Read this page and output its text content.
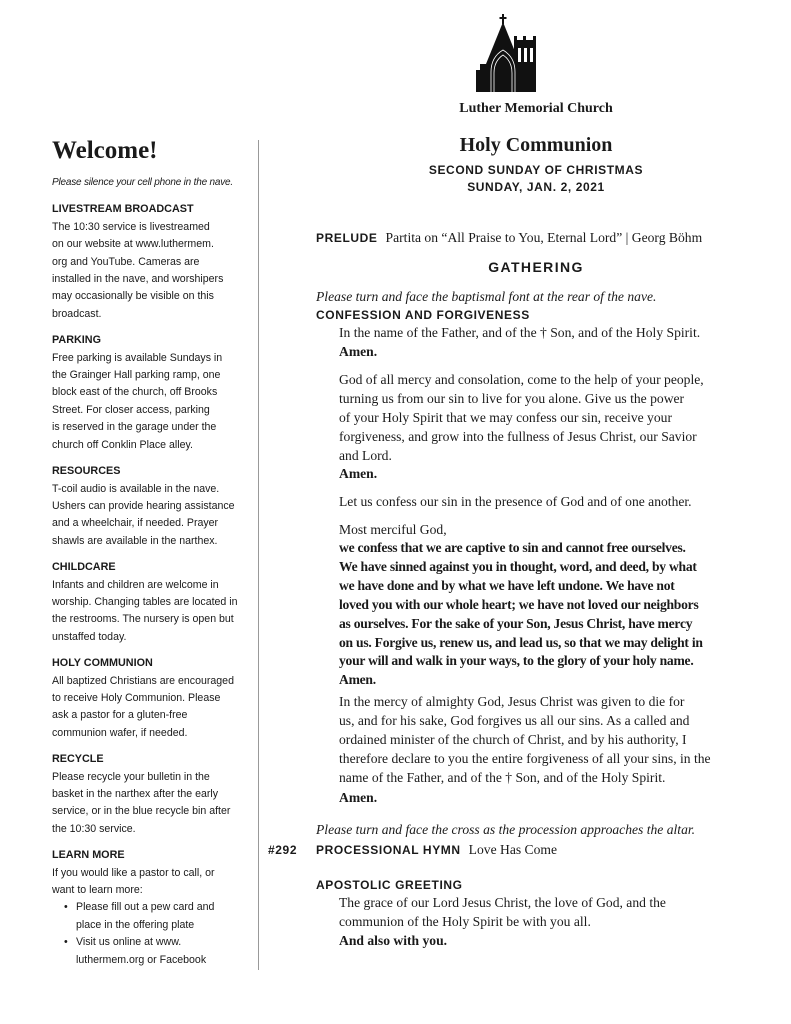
Welcome!
Please silence your cell phone in the nave.
LIVESTREAM BROADCAST
The 10:30 service is livestreamed
on our website at www.luthermem.
org and YouTube. Cameras are
installed in the nave, and worshipers
may occasionally be visible on this
broadcast.
PARKING
Free parking is available Sundays in
the Grainger Hall parking ramp, one
block east of the church, off Brooks
Street. For closer access, parking
is reserved in the garage under the
church off Conklin Place alley.
RESOURCES
T-coil audio is available in the nave.
Ushers can provide hearing assistance
and a wheelchair, if needed. Prayer
shawls are available in the narthex.
CHILDCARE
Infants and children are welcome in
worship. Changing tables are located in
the restrooms. The nursery is open but
unstaffed today.
HOLY COMMUNION
All baptized Christians are encouraged
to receive Holy Communion. Please
ask a pastor for a gluten-free
communion wafer, if needed.
RECYCLE
Please recycle your bulletin in the
basket in the narthex after the early
service, or in the blue recycle bin after
the 10:30 service.
LEARN MORE
If you would like a pastor to call, or
want to learn more:
• Please fill out a pew card and
place in the offering plate
• Visit us online at www.
luthermem.org or Facebook
Luther Memorial Church
Holy Communion
SECOND SUNDAY OF CHRISTMAS
SUNDAY, JAN. 2, 2021
PRELUDE Partita on “All Praise to You, Eternal Lord” | Georg Böhm
GATHERING
Please turn and face the baptismal font at the rear of the nave.
CONFESSION AND FORGIVENESS
In the name of the Father, and of the † Son, and of the Holy Spirit.
Amen.
God of all mercy and consolation, come to the help of your people,
turning us from our sin to live for you alone. Give us the power
of your Holy Spirit that we may confess our sin, receive your
forgiveness, and grow into the fullness of Jesus Christ, our Savior
and Lord.
Amen.
Let us confess our sin in the presence of God and of one another.
Most merciful God,
we confess that we are captive to sin and cannot free ourselves.
We have sinned against you in thought, word, and deed, by what
we have done and by what we have left undone. We have not
loved you with our whole heart; we have not loved our neighbors
as ourselves. For the sake of your Son, Jesus Christ, have mercy
on us. Forgive us, renew us, and lead us, so that we may delight in
your will and walk in your ways, to the glory of your holy name.
Amen.
In the mercy of almighty God, Jesus Christ was given to die for
us, and for his sake, God forgives us all our sins. As a called and
ordained minister of the church of Christ, and by his authority, I
therefore declare to you the entire forgiveness of all your sins, in the
name of the Father, and of the † Son, and of the Holy Spirit.
Amen.
Please turn and face the cross as the procession approaches the altar.
#292 PROCESSIONAL HYMN Love Has Come
APOSTOLIC GREETING
The grace of our Lord Jesus Christ, the love of God, and the
communion of the Holy Spirit be with you all.
And also with you.
